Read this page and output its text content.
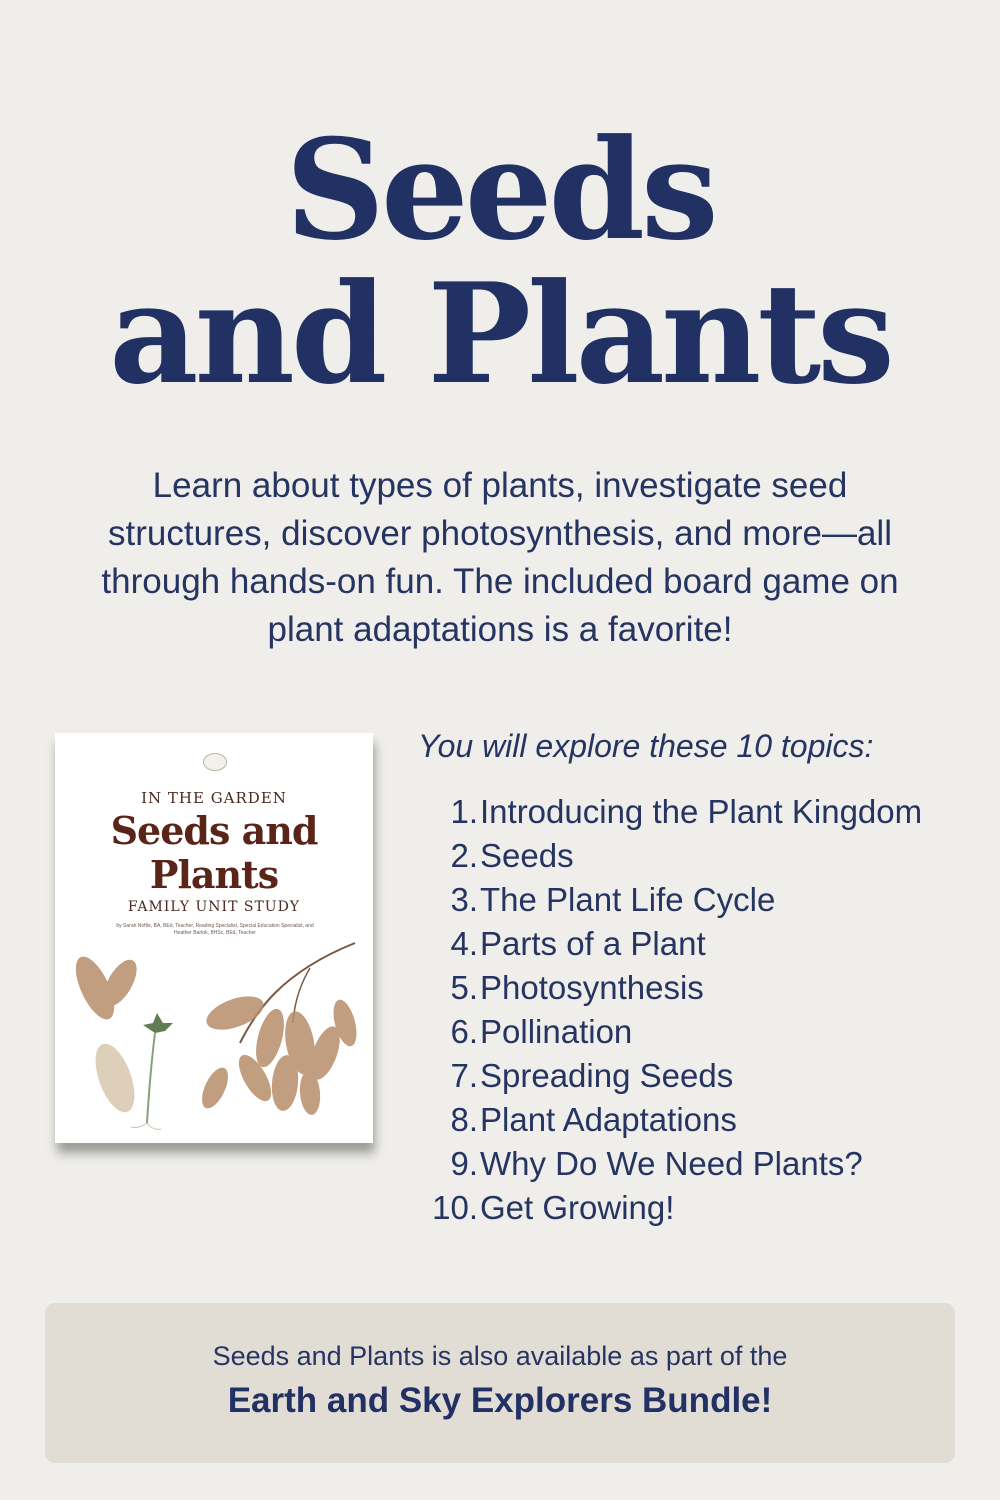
Seeds
and Plants

Learn about types of plants, investigate seed structures, discover photosynthesis, and more—all through hands-on fun. The included board game on plant adaptations is a favorite!

IN THE GARDEN
Seeds and
Plants
FAMILY UNIT STUDY
by Sarah Noftle, BA, BEd, Teacher, Reading Specialist, Special Education Specialist, and Heather Bartok, BHSc, BEd, Teacher

You will explore these 10 topics:

1.Introducing the Plant Kingdom
2.Seeds
3.The Plant Life Cycle
4.Parts of a Plant
5.Photosynthesis
6.Pollination
7.Spreading Seeds
8.Plant Adaptations
9.Why Do We Need Plants?
10.Get Growing!
Seeds and Plants is also available as part of the
Earth and Sky Explorers Bundle!
